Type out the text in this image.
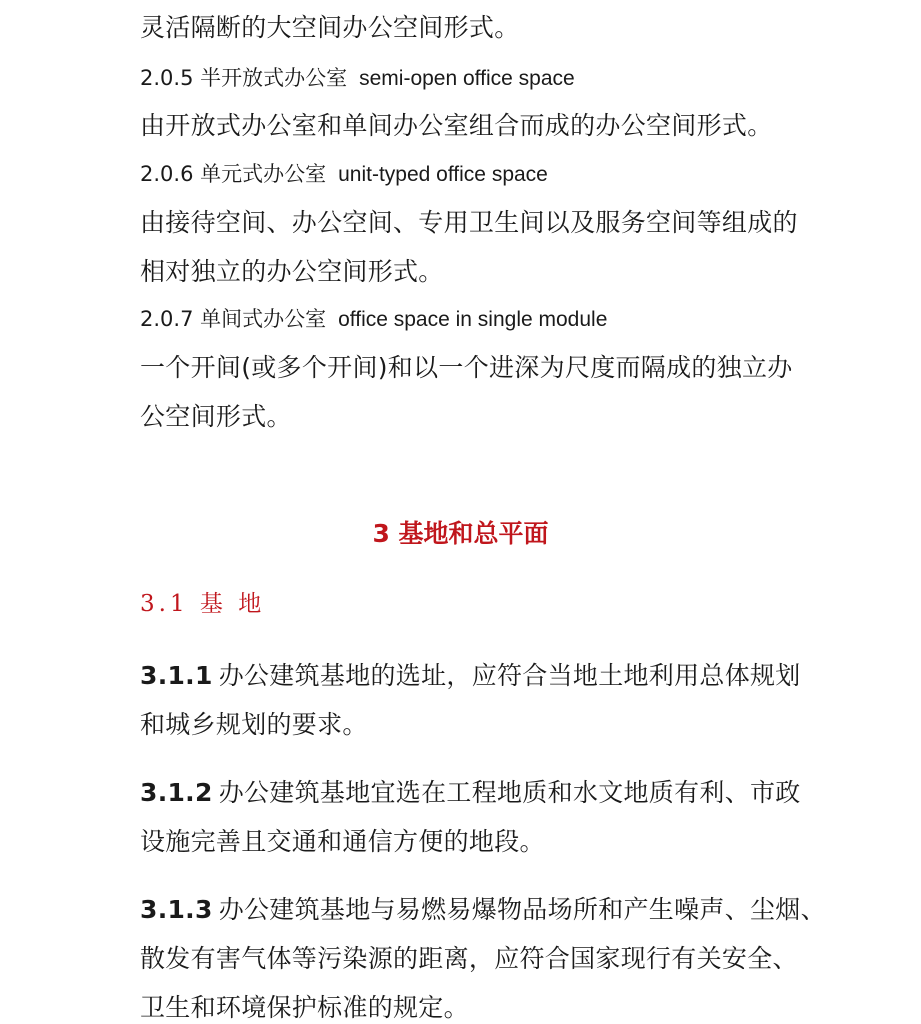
灵活隔断的大空间办公空间形式。
2.0.5 半开放式办公室 semi-open office space
由开放式办公室和单间办公室组合而成的办公空间形式。
2.0.6 单元式办公室 unit-typed office space
由接待空间、办公空间、专用卫生间以及服务空间等组成的
相对独立的办公空间形式。
2.0.7 单间式办公室 office space in single module
一个开间(或多个开间)和以一个进深为尺度而隔成的独立办
公空间形式。
3 基地和总平面
3.1 基 地
3.1.1 办公建筑基地的选址，应符合当地土地利用总体规划
和城乡规划的要求。
3.1.2 办公建筑基地宜选在工程地质和水文地质有利、市政
设施完善且交通和通信方便的地段。
3.1.3 办公建筑基地与易燃易爆物品场所和产生噪声、尘烟、
散发有害气体等污染源的距离，应符合国家现行有关安全、
卫生和环境保护标准的规定。
